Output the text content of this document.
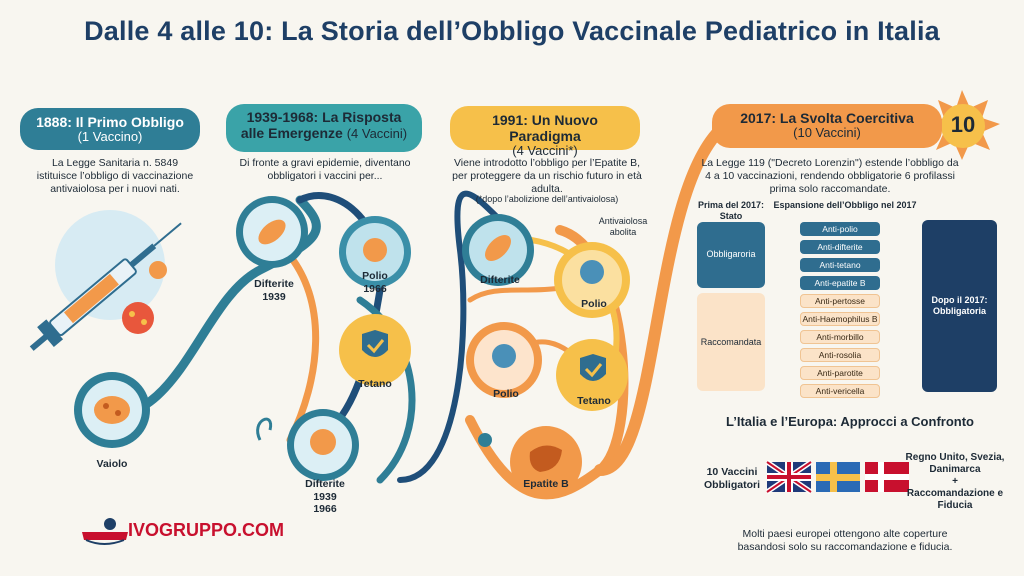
Dalle 4 alle 10: La Storia dell’Obbligo Vaccinale Pediatrico in Italia
1888: Il Primo Obbligo
(1 Vaccino)
1939-1968: La Risposta alle Emergenze (4 Vaccini)
1991: Un Nuovo Paradigma
(4 Vaccini*)
2017: La Svolta Coercitiva
(10 Vaccini)	10
La Legge Sanitaria n. 5849 istituisce l’obbligo di vaccinazione antivaiolosa per i nuovi nati.
Di fronte a gravi epidemie, diventano obbligatori i vaccini per...
Viene introdotto l’obbligo per l’Epatite B, per proteggere da un rischio futuro in età adulta.
(*dopo l’abolizione dell’antivaiolosa)
La Legge 119 ("Decreto Lorenzin") estende l’obbligo da 4 a 10 vaccinazioni, rendendo obbligatorie 6 profilassi prima solo raccomandate.
Vaiolo
Difterite
1939
Polio
1966
Tetano
Difterite
1939
1966
Difterite
Antivaiolosa
abolita
Polio
Polio
Tetano
Epatite B
Prima del 2017: Stato
Espansione dell’Obbligo nel 2017
Obbligaroria
Raccomandata
Dopo il 2017: Obbligatoria
Anti-polio
Anti-difterite
Anti-tetano
Anti-epatite B
Anti-pertosse
Anti-Haemophilus B
Anti-morbillo
Anti-rosolia
Anti-parotite
Anti-vericella
L’Italia e l’Europa: Approcci a Confronto
10 Vaccini Obbligatori
Regno Unito, Svezia, Danimarca
+
Raccomandazione e Fiducia
Molti paesi europei ottengono alte coperture basandosi solo su raccomandazione e fiducia.
IVOGRUPPO.COM
